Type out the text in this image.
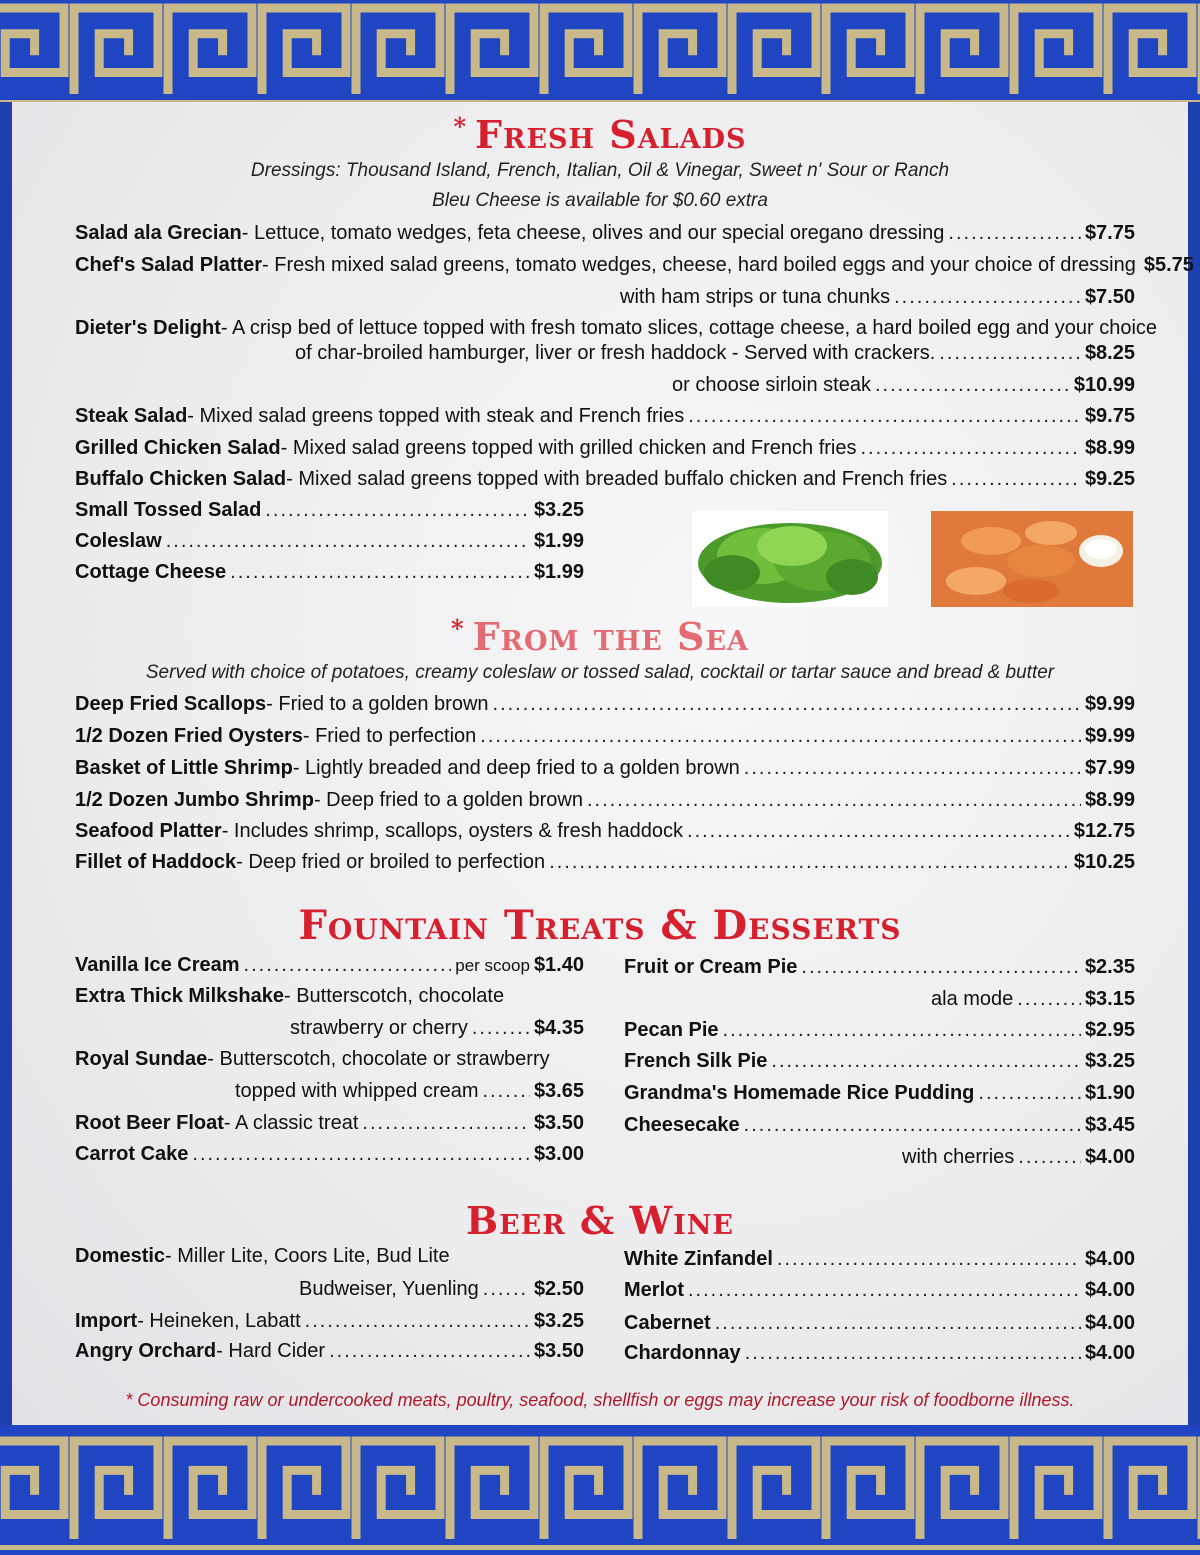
* Fresh Salads
Dressings: Thousand Island, French, Italian, Oil & Vinegar, Sweet n' Sour or Ranch
Bleu Cheese is available for $0.60 extra
Salad ala Grecian - Lettuce, tomato wedges, feta cheese, olives and our special oregano dressing .....	$7.75
Chef's Salad Platter - Fresh mixed salad greens, tomato wedges, cheese, hard boiled eggs and your choice of dressing $5.75
with ham strips or tuna chunks .....	$7.50
Dieter's Delight - A crisp bed of lettuce topped with fresh tomato slices, cottage cheese, a hard boiled egg and your choice
of char-broiled hamburger, liver or fresh haddock - Served with crackers. .....	$8.25
or choose sirloin steak .....	$10.99
Steak Salad - Mixed salad greens topped with steak and French fries .....	$9.75
Grilled Chicken Salad - Mixed salad greens topped with grilled chicken and French fries .....	$8.99
Buffalo Chicken Salad - Mixed salad greens topped with breaded buffalo chicken and French fries .....	$9.25
Small Tossed Salad .....	$3.25
Coleslaw .....	$1.99
Cottage Cheese .....	$1.99
* From the Sea
Served with choice of potatoes, creamy coleslaw or tossed salad, cocktail or tartar sauce and bread & butter
Deep Fried Scallops - Fried to a golden brown .....	$9.99
1/2 Dozen Fried Oysters - Fried to perfection .....	$9.99
Basket of Little Shrimp - Lightly breaded and deep fried to a golden brown .....	$7.99
1/2 Dozen Jumbo Shrimp - Deep fried to a golden brown .....	$8.99
Seafood Platter - Includes shrimp, scallops, oysters & fresh haddock .....	$12.75
Fillet of Haddock - Deep fried or broiled to perfection .....	$10.25
Fountain Treats & Desserts
Vanilla Ice Cream .....	per scoop $1.40
Extra Thick Milkshake - Butterscotch, chocolate
strawberry or cherry .....	$4.35
Royal Sundae - Butterscotch, chocolate or strawberry
topped with whipped cream .....	$3.65
Root Beer Float - A classic treat .....	$3.50
Carrot Cake .....	$3.00
Fruit or Cream Pie .....	$2.35
ala mode .....	$3.15
Pecan Pie .....	$2.95
French Silk Pie .....	$3.25
Grandma's Homemade Rice Pudding .....	$1.90
Cheesecake .....	$3.45
with cherries .....	$4.00
Beer & Wine
Domestic - Miller Lite, Coors Lite, Bud Lite
Budweiser, Yuenling .....	$2.50
Import - Heineken, Labatt .....	$3.25
Angry Orchard - Hard Cider .....	$3.50
White Zinfandel .....	$4.00
Merlot .....	$4.00
Cabernet .....	$4.00
Chardonnay .....	$4.00
* Consuming raw or undercooked meats, poultry, seafood, shellfish or eggs may increase your risk of foodborne illness.
